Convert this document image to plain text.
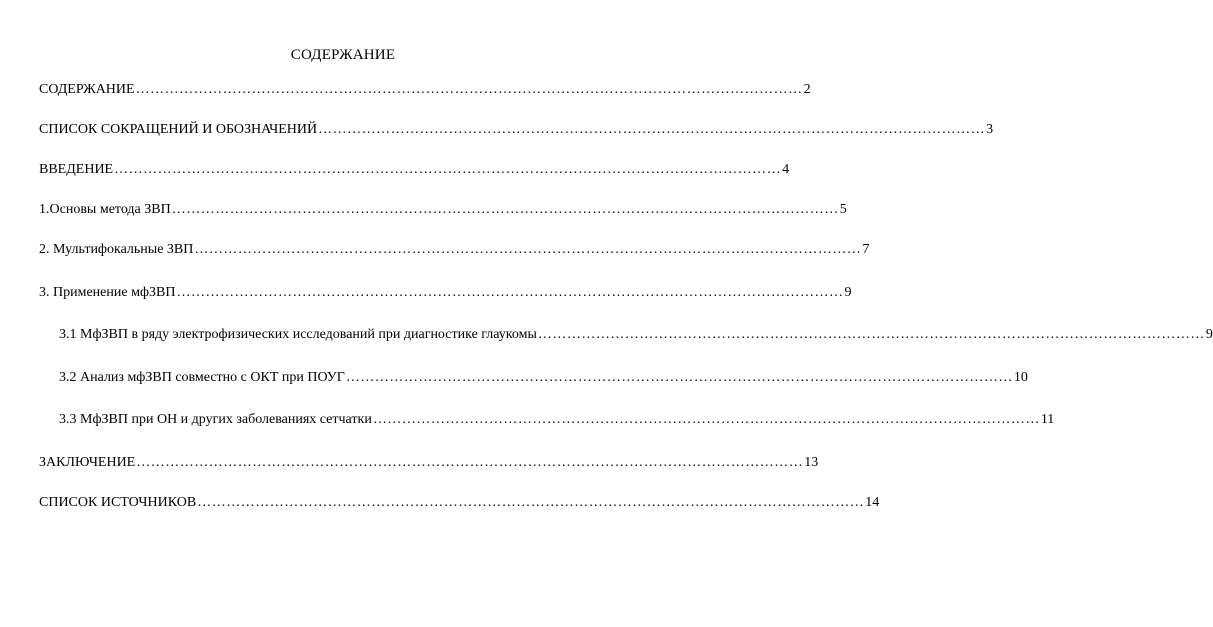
СОДЕРЖАНИЕ
СОДЕРЖАНИЕ ………………………………………………………………………………………………………………………… 2
СПИСОК СОКРАЩЕНИЙ И ОБОЗНАЧЕНИЙ ………………………………………………………………………………………………………………………… 3
ВВЕДЕНИЕ ………………………………………………………………………………………………………………………… 4
1.Основы метода ЗВП ………………………………………………………………………………………………………………………… 5
2. Мультифокальные ЗВП ………………………………………………………………………………………………………………………… 7
3. Применение мфЗВП ………………………………………………………………………………………………………………………… 9
3.1 МфЗВП в ряду электрофизических исследований при диагностике глаукомы ………………………………………………………………………………………………………………………… 9
3.2 Анализ мфЗВП совместно с ОКТ при ПОУГ ………………………………………………………………………………………………………………………… 10
3.3 МфЗВП при ОН и других заболеваниях сетчатки ………………………………………………………………………………………………………………………… 11
ЗАКЛЮЧЕНИЕ ………………………………………………………………………………………………………………………… 13
СПИСОК ИСТОЧНИКОВ ………………………………………………………………………………………………………………………… 14
